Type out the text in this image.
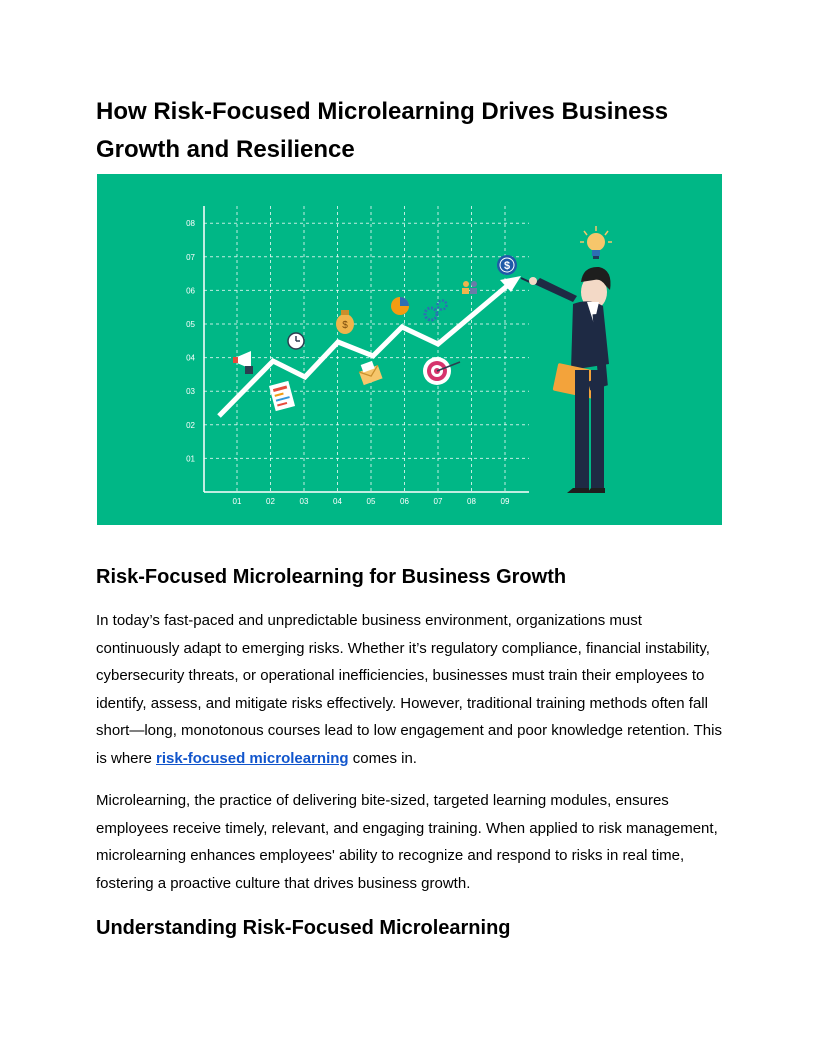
How Risk-Focused Microlearning Drives Business Growth and Resilience
01
02
03
04
05
06
07
08
01	02	03	04	05	06	07	08	09
$
$
Risk-Focused Microlearning for Business Growth

In today’s fast-paced and unpredictable business environment, organizations must continuously adapt to emerging risks. Whether it’s regulatory compliance, financial instability, cybersecurity threats, or operational inefficiencies, businesses must train their employees to identify, assess, and mitigate risks effectively. However, traditional training methods often fall short—long, monotonous courses lead to low engagement and poor knowledge retention. This is where risk-focused microlearning comes in.

Microlearning, the practice of delivering bite-sized, targeted learning modules, ensures employees receive timely, relevant, and engaging training. When applied to risk management, microlearning enhances employees' ability to recognize and respond to risks in real time, fostering a proactive culture that drives business growth.

Understanding Risk-Focused Microlearning
